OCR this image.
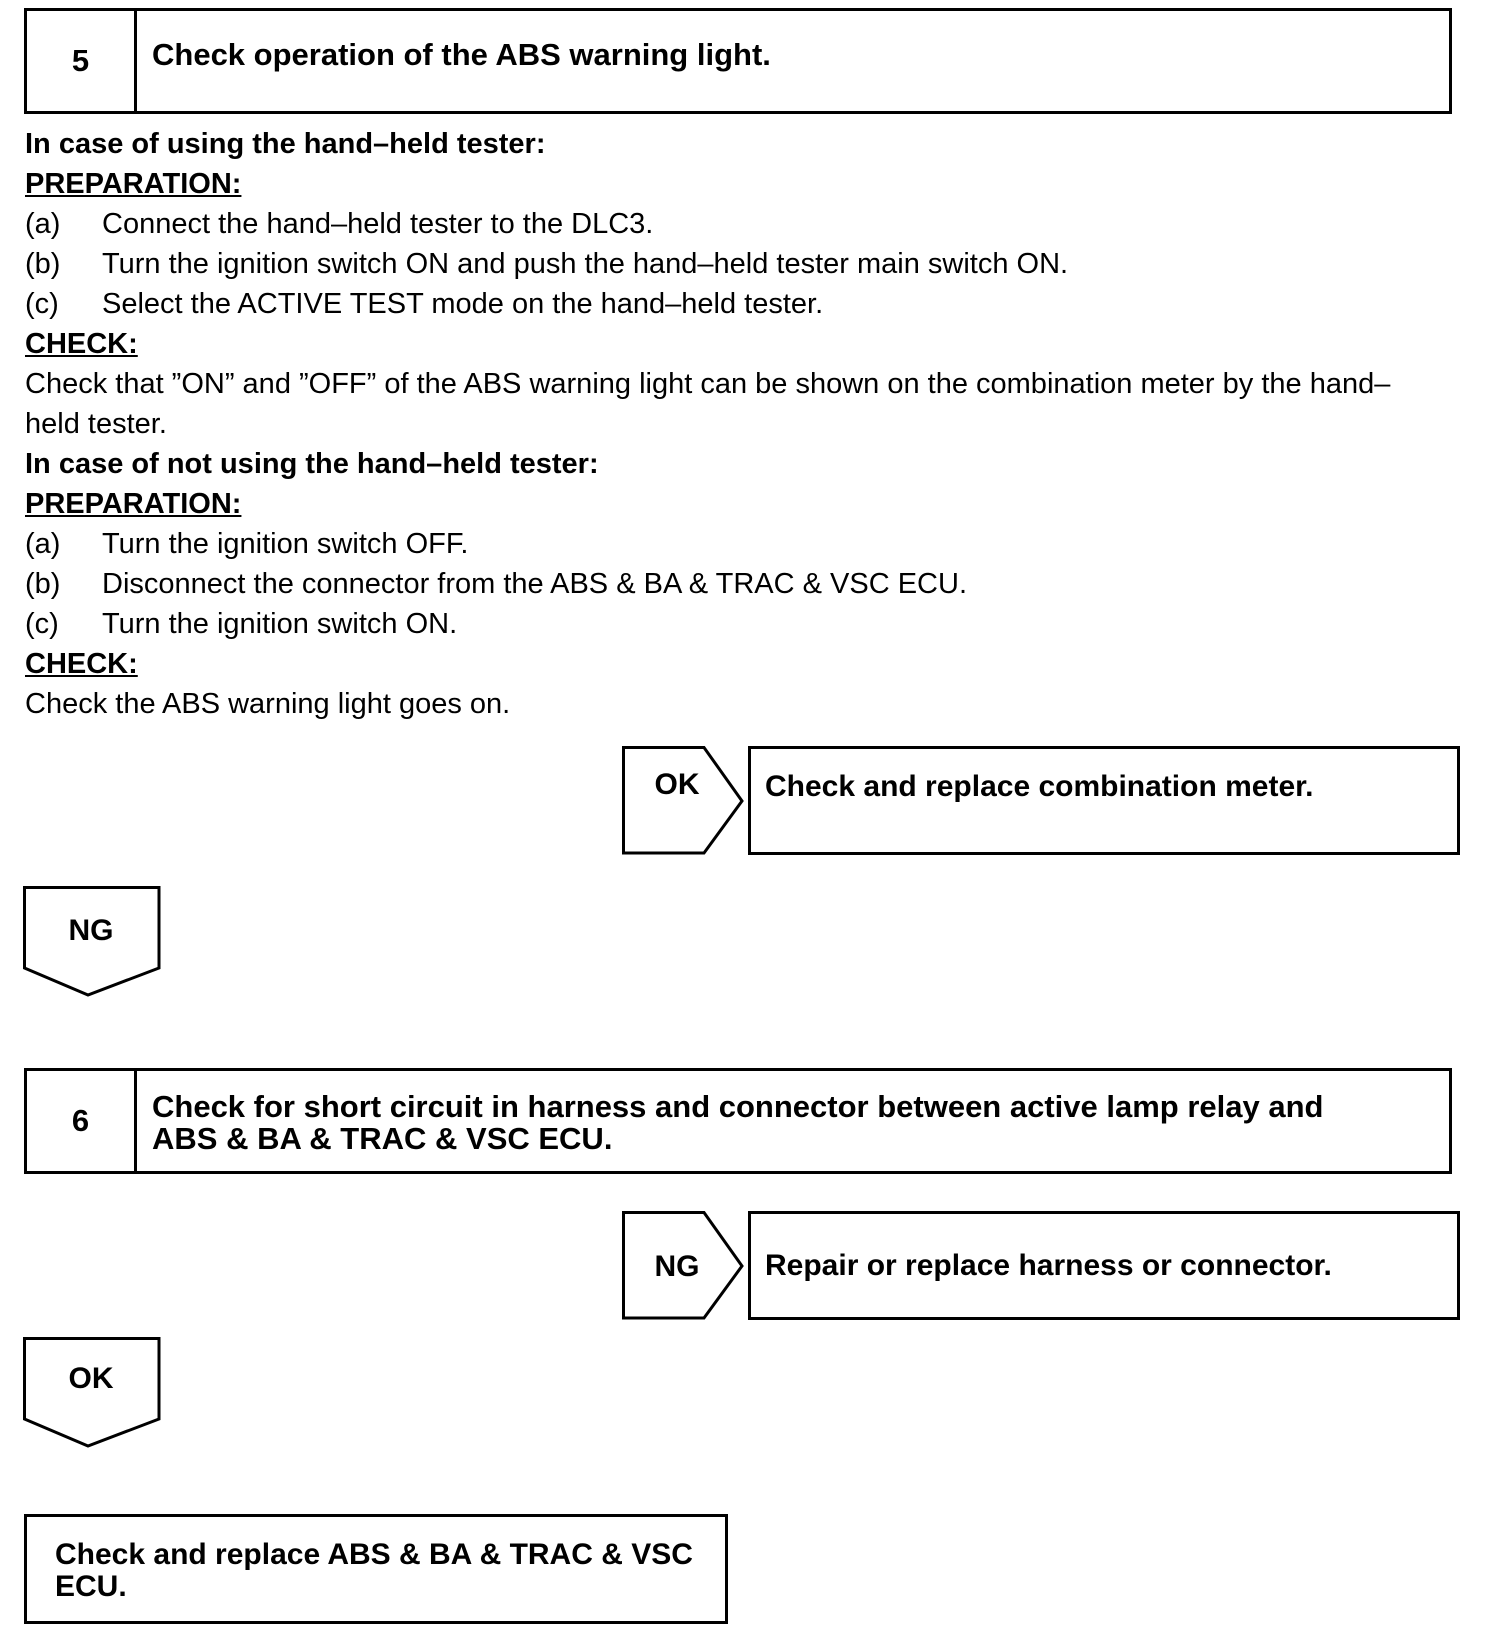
5	Check operation of the ABS warning light.
In case of using the hand–held tester:
PREPARATION:
(a) Connect the hand–held tester to the DLC3.
(b) Turn the ignition switch ON and push the hand–held tester main switch ON.
(c) Select the ACTIVE TEST mode on the hand–held tester.
CHECK:
Check that ”ON” and ”OFF” of the ABS warning light can be shown on the combination meter by the hand–
held tester.
In case of not using the hand–held tester:
PREPARATION:
(a) Turn the ignition switch OFF.
(b) Disconnect the connector from the ABS & BA & TRAC & VSC ECU.
(c) Turn the ignition switch ON.
CHECK:
Check the ABS warning light goes on.
OK	Check and replace combination meter.
NG
6	Check for short circuit in harness and connector between active lamp relay and
ABS & BA & TRAC & VSC ECU.
NG	Repair or replace harness or connector.
OK
Check and replace ABS & BA & TRAC & VSC
ECU.
